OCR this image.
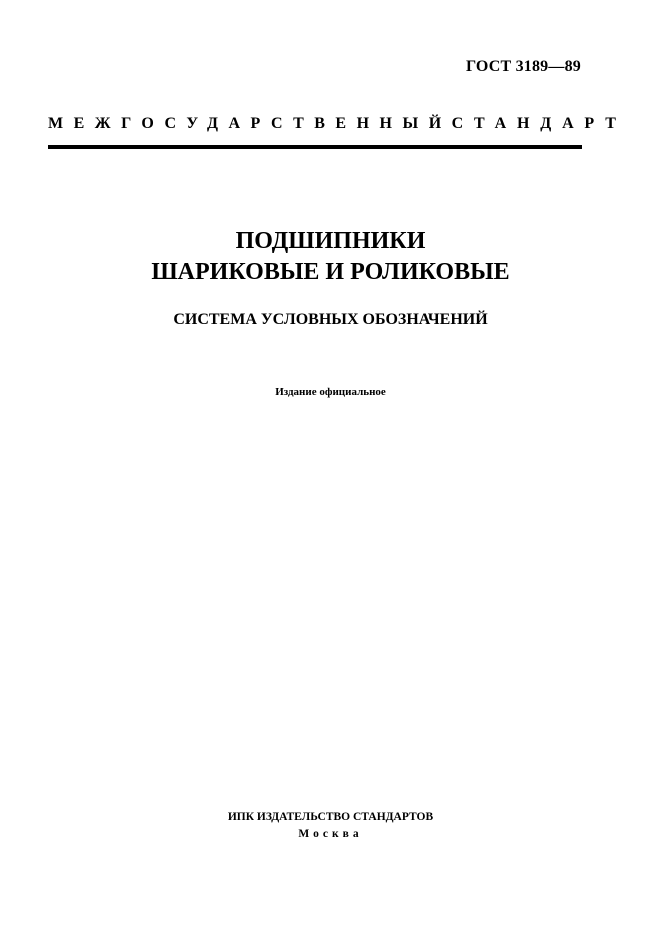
ГОСТ 3189—89
МЕЖГОСУДАРСТВЕННЫЙ СТАНДАРТ
ПОДШИПНИКИ
ШАРИКОВЫЕ И РОЛИКОВЫЕ
СИСТЕМА УСЛОВНЫХ ОБОЗНАЧЕНИЙ
Издание официальное
ИПК ИЗДАТЕЛЬСТВО СТАНДАРТОВ
Москва
